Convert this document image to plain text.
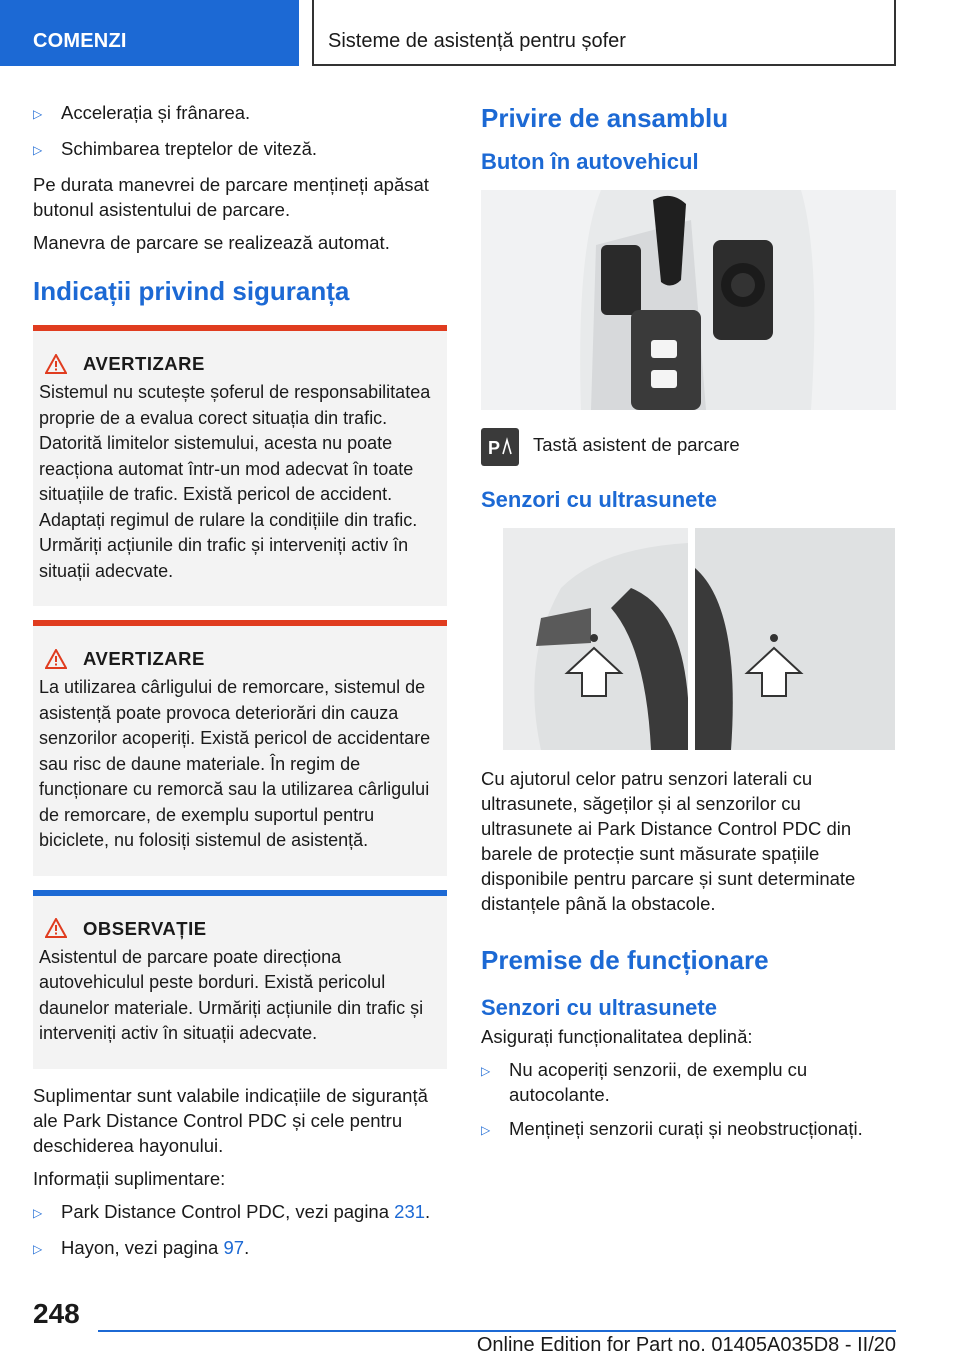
COMENZI	Sisteme de asistență pentru șofer
▷	Accelerația și frânarea.
▷	Schimbarea treptelor de viteză.

Pe durata manevrei de parcare mențineți apăsat butonul asistentului de parcare.

Manevra de parcare se realizează automat.

Indicații privind siguranța
AVERTIZARE
Sistemul nu scutește șoferul de responsabilitatea proprie de a evalua corect situația din trafic. Datorită limitelor sistemului, acesta nu poate reacționa automat într-un mod adecvat în toate situațiile de trafic. Există pericol de accident. Adaptați regimul de rulare la condițiile din trafic. Urmăriți acțiunile din trafic și interveniți activ în situații adecvate.
AVERTIZARE
La utilizarea cârligului de remorcare, sistemul de asistență poate provoca deteriorări din cauza senzorilor acoperiți. Există pericol de accidentare sau risc de daune materiale. În regim de funcționare cu remorcă sau la utilizarea cârligului de remorcare, de exemplu suportul pentru biciclete, nu folosiți sistemul de asistență.
OBSERVAȚIE
Asistentul de parcare poate direcționa autovehiculul peste borduri. Există pericolul daunelor materiale. Urmăriți acțiunile din trafic și interveniți activ în situații adecvate.

Suplimentar sunt valabile indicațiile de siguranță ale Park Distance Control PDC și cele pentru deschiderea hayonului.

Informații suplimentare:

▷	Park Distance Control PDC, vezi pagina 231.
▷	Hayon, vezi pagina 97.
Privire de ansamblu
Buton în autovehicul
P Tastă asistent de parcare
Senzori cu ultrasunete

Cu ajutorul celor patru senzori laterali cu ultrasunete, săgeților și al senzorilor cu ultrasunete ai Park Distance Control PDC din barele de protecție sunt măsurate spațiile disponibile pentru parcare și sunt determinate distanțele până la obstacole.

Premise de funcționare
Senzori cu ultrasunete

Asigurați funcționalitatea deplină:

▷	Nu acoperiți senzorii, de exemplu cu autocolante.
▷	Mențineți senzorii curați și neobstrucționați.
248
Online Edition for Part no. 01405A035D8 - II/20
